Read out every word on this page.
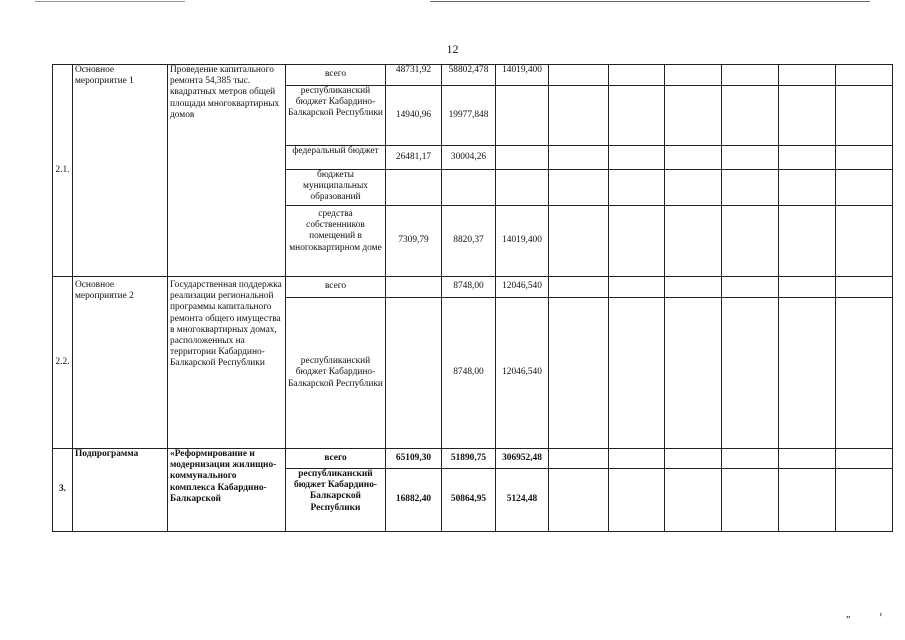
12
2.1.	Основное мероприятие 1	Проведение капитального ремонта 54,385 тыс. квадратных метров общей площади многоквартирных домов	всего	48731,92	58802,478	14019,400						
			республиканский бюджет Кабардино-Балкарской Республики	14940,96	19977,848							
			федеральный бюджет	26481,17	30004,26							
			бюджеты муниципальных образований									
			средства собственников помещений в многоквартирном доме	7309,79	8820,37	14019,400						
2.2.	Основное мероприятие 2	Государственная поддержка реализации региональной программы капитального ремонта общего имущества в многоквартирных домах, расположенных на территории Кабардино-Балкарской Республики	всего		8748,00	12046,540						
			республиканский бюджет Кабардино-Балкарской Республики		8748,00	12046,540						
3.	Подпрограмма	«Реформирование и модернизация жилищно-коммунального комплекса Кабардино-Балкарской	всего	65109,30	51890,75	306952,48						
			республиканский бюджет Кабардино-Балкарской Республики	16882,40	50864,95	5124,48						
„	›
